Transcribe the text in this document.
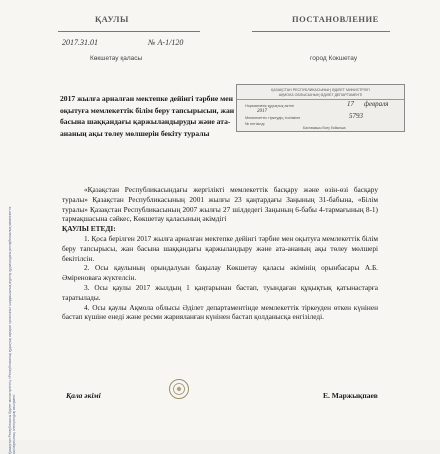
ҚАУЛЫ	ПОСТАНОВЛЕНИЕ
2017.31.01	№ А-1/120
Көкшетау қаласы	город Кокшетау
ҚАЗАҚСТАН РЕСПУБЛИКАСЫНЫҢ ӘДІЛЕТ МИНИСТРЛІГІ
АҚМОЛА ОБЛЫСЫНЫҢ ӘДІЛЕТ ДЕПАРТАМЕНТІ
Нормативтік құқықтық актіні	17 февраля
2017
Мемлекеттік тіркеудің тізіліміне	5793
№ енгізілді
Бастамашы болу бойынша
2017 жылға арналған мектепке дейінгі тәрбие мен оқытуға мемлекеттік білім беру тапсырысын, жан басына шаққандағы қаржыландыруды және ата-ананың ақы төлеу мөлшерін бекіту туралы

«Қазақстан Республикасындағы жергілікті мемлекеттік басқару және өзін-өзі басқару туралы» Қазақстан Республикасының 2001 жылғы 23 қаңтардағы Заңының 31-бабына, «Білім туралы» Қазақстан Республикасының 2007 жылғы 27 шілдедегі Заңының 6-бабы 4-тармағының 8-1) тармақшасына сәйкес, Көкшетау қаласының әкімдігі

ҚАУЛЫ ЕТЕДІ:

1. Қоса берілген 2017 жылға арналған мектепке дейінгі тәрбие мен оқытуға мемлекеттік білім беру тапсырысы, жан басына шаққандағы қаржыландыру және ата-ананың ақы төлеу мөлшері бекітілсін.

2. Осы қаулының орындалуын бақылау Көкшетау қаласы әкімінің орынбасары А.Б. Әміреноваға жүктелсін.

3. Осы қаулы 2017 жылдың 1 қаңтарынан бастап, туындаған құқықтық қатынастарға таратылады.

4. Осы қаулы Ақмола облысы Әділет департаментінде мемлекеттік тіркеуден өткен күнінен бастап күшіне енеді және ресми жарияланған күнінен бастап қолданысқа енгізіледі.

Қала әкімі	Е. Маржықпаев
Қазақстан Республикасы Әділет министрлігінің «Республикалық құқықтық ақпарат орталығы» шаруашылық жүргізу құқығындағы республикалық мемлекеттік кәсіпорнының электрондық көшірмесі
